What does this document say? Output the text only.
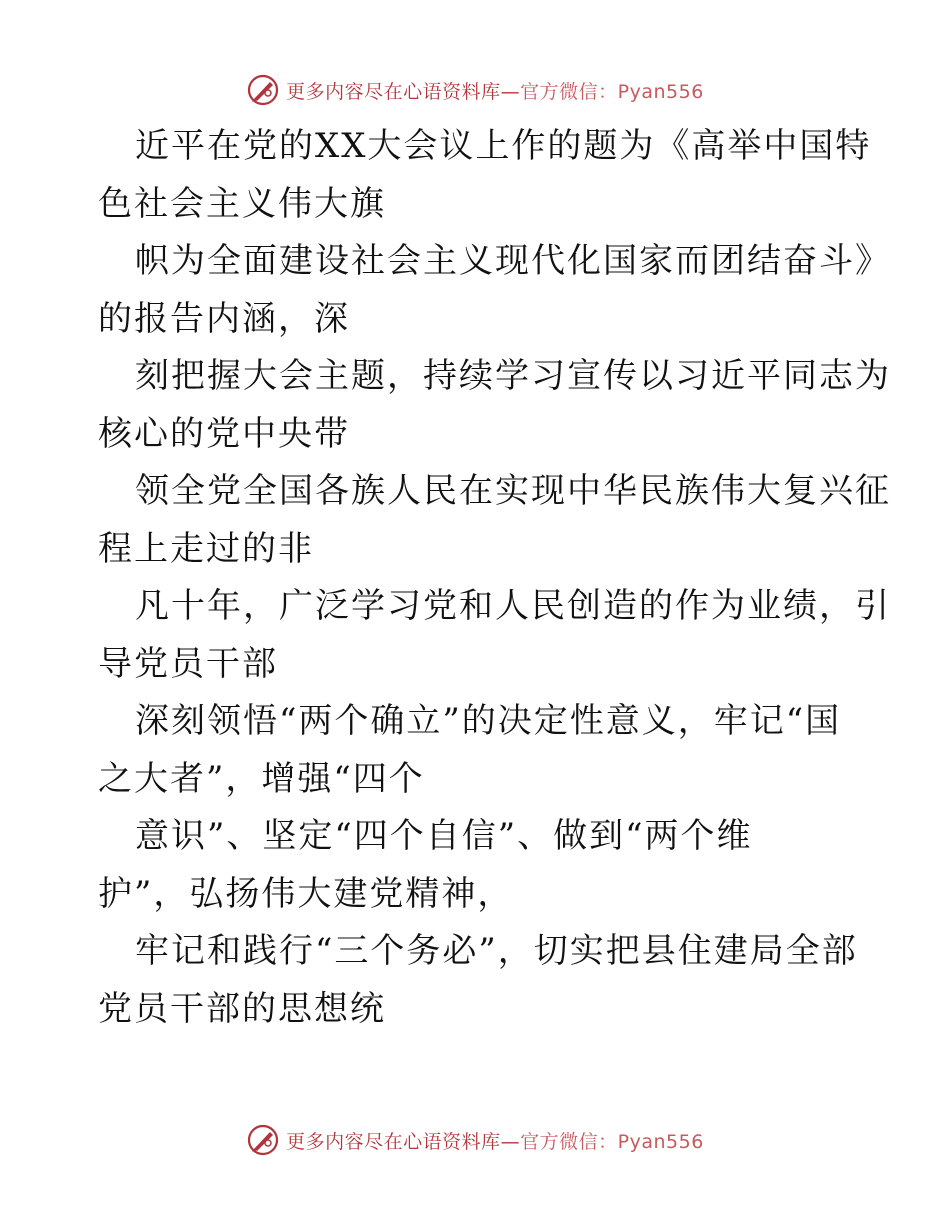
更多内容尽在心语资料库—官方微信：Pyan556
近平在党的XX大会议上作的题为《高举中国特
色社会主义伟大旗
帜为全面建设社会主义现代化国家而团结奋斗》
的报告内涵，深
刻把握大会主题，持续学习宣传以习近平同志为
核心的党中央带
领全党全国各族人民在实现中华民族伟大复兴征
程上走过的非
凡十年，广泛学习党和人民创造的作为业绩，引
导党员干部
深刻领悟“两个确立”的决定性意义，牢记“国
之大者”，增强“四个
意识”、坚定“四个自信”、做到“两个维
护”，弘扬伟大建党精神，
牢记和践行“三个务必”，切实把县住建局全部
党员干部的思想统
更多内容尽在心语资料库—官方微信：Pyan556
